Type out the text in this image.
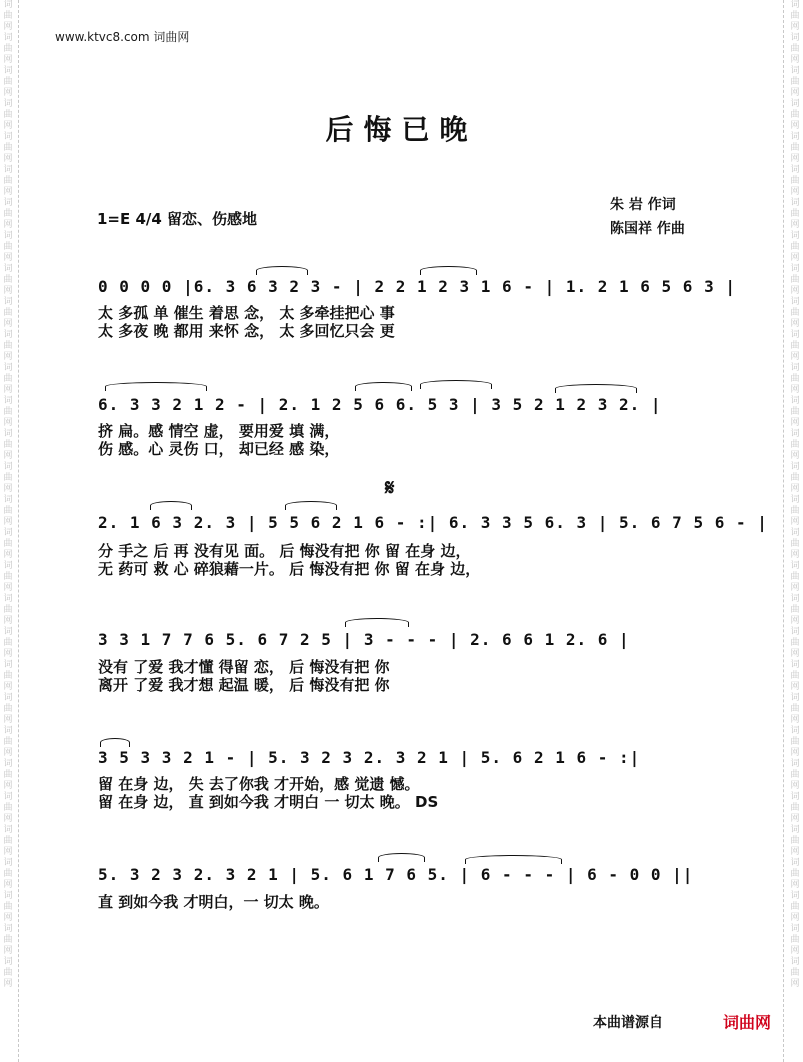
词
曲
网
词
曲
网
词
曲
网
词
曲
网
词
曲
网
词
曲
网
词
曲
网
词
曲
网
词
曲
网
词
曲
网
词
曲
网
词
曲
网
词
曲
网
词
曲
网
词
曲
网
词
曲
网
词
曲
网
词
曲
网
词
曲
网
词
曲
网
词
曲
网
词
曲
网
词
曲
网
词
曲
网
词
曲
网
词
曲
网
词
曲
网
词
曲
网
词
曲
网
词
曲
网
词
曲
网
词
曲
网
词
曲
网
词
曲
网
词
曲
网
词
曲
网
词
曲
网
词
曲
网
词
曲
网
词
曲
网
词
曲
网
词
曲
网
词
曲
网
词
曲
网
词
曲
网
词
曲
网
词
曲
网
词
曲
网
词
曲
网
词
曲
网
词
曲
网
词
曲
网
词
曲
网
词
曲
网
词
曲
网
词
曲
网
词
曲
网
词
曲
网
词
曲
网
词
曲
网
www.ktvc8.com 词曲网
后悔已晚
1=E 4/4 留恋、伤感地
朱 岩 作词
陈国祥 作曲
0 0 0 0 |6. 3 6 3 2 3 - | 2 2 1 2 3 1 6 - | 1. 2 1 6 5 6 3 |
太 多孤 单 催生 着思 念， 太 多牵挂把心 事
太 多夜 晚 都用 来怀 念， 太 多回忆只会 更
6. 3 3 2 1 2 - | 2. 1 2 5 6 6. 5 3 | 3 5 2 1 2 3 2. |
挤 扁。感 情空 虚， 要用爱 填 满，
伤 感。心 灵伤 口， 却已经 感 染，
𝄋
2. 1 6 3 2. 3 | 5 5 6 2 1 6 - :| 6. 3 3 5 6. 3 | 5. 6 7 5 6 - |
分 手之 后 再 没有见 面。 后 悔没有把 你 留 在身 边，
无 药可 救 心 碎狼藉一片。 后 悔没有把 你 留 在身 边，
3 3 1 7 7 6 5. 6 7 2 5 | 3 - - - | 2. 6 6 1 2. 6 |
没有 了爱 我才懂 得留 恋， 后 悔没有把 你
离开 了爱 我才想 起温 暖， 后 悔没有把 你
3 5 3 3 2 1 - | 5. 3 2 3 2. 3 2 1 | 5. 6 2 1 6 - :|
留 在身 边， 失 去了你我 才开始，感 觉遗 憾。
留 在身 边， 直 到如今我 才明白 一 切太 晚。 DS
5. 3 2 3 2. 3 2 1 | 5. 6 1 7 6 5. | 6 - - - | 6 - 0 0 ||
直 到如今我 才明白，一 切太 晚。
本曲谱源自	词曲网
